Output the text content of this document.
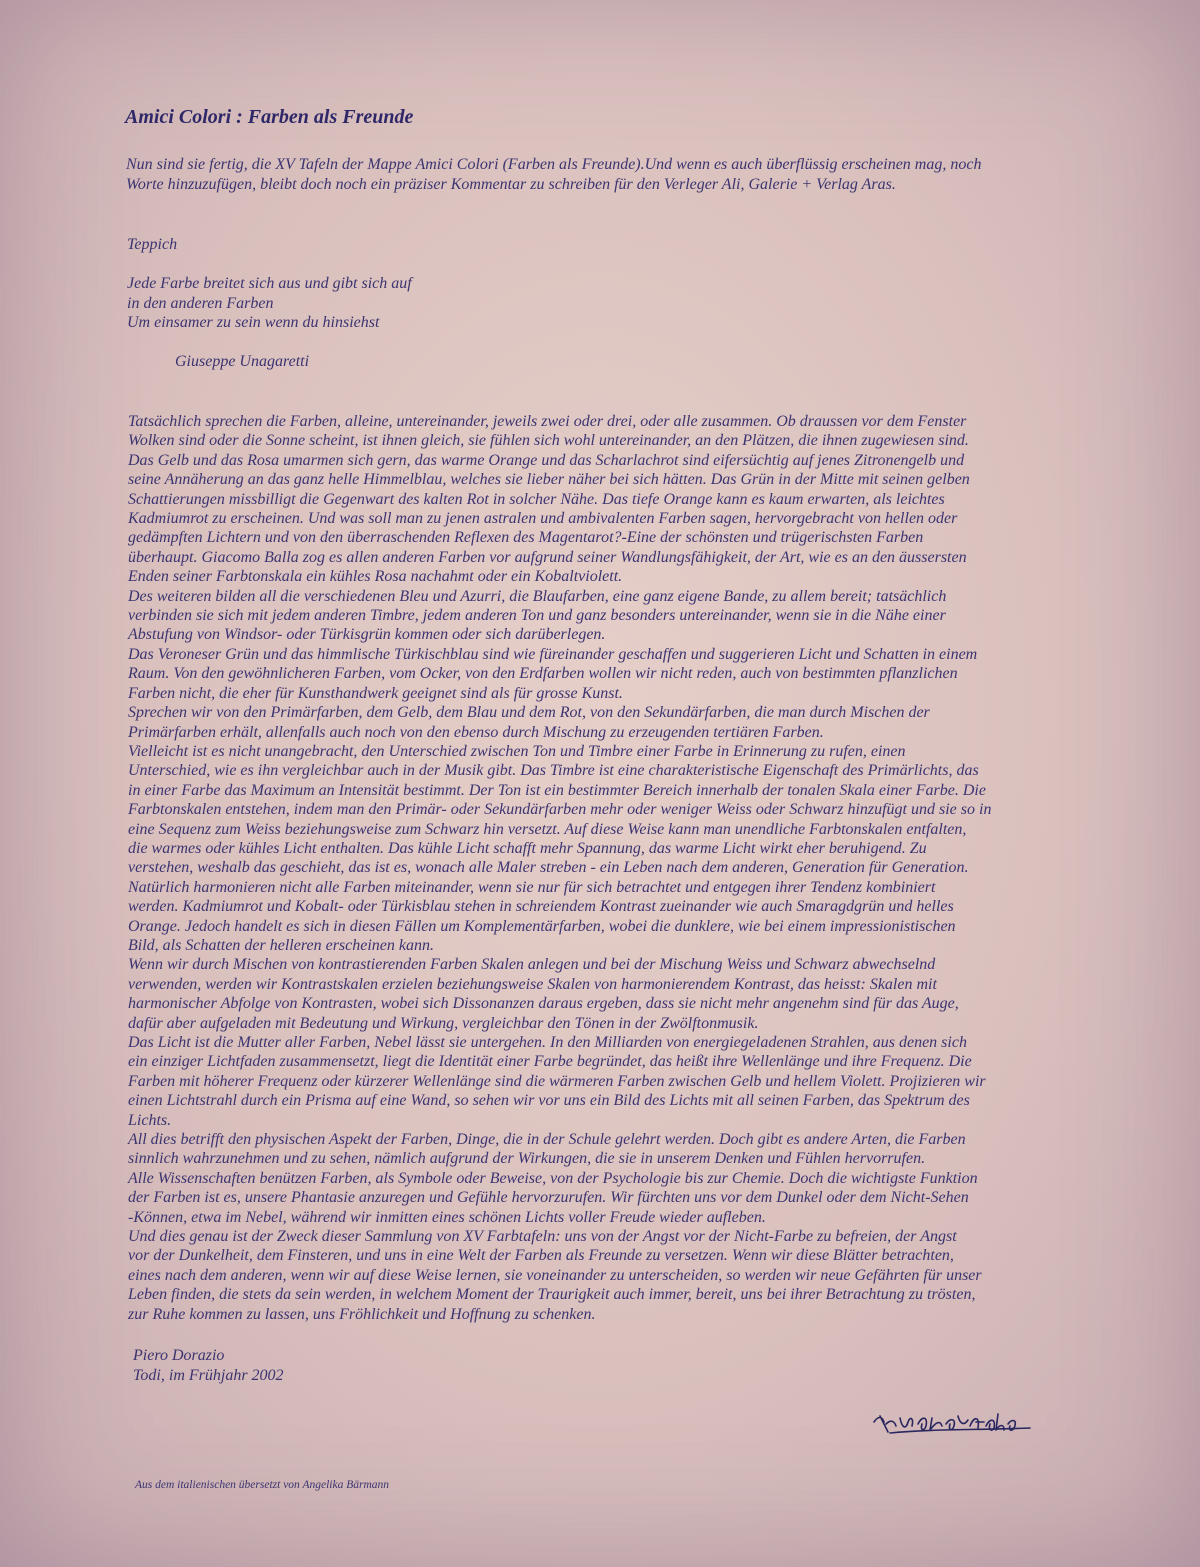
Amici Colori : Farben als Freunde

Nun sind sie fertig, die XV Tafeln der Mappe Amici Colori (Farben als Freunde).Und wenn es auch überflüssig erscheinen mag, noch

Worte hinzuzufügen, bleibt doch noch ein präziser Kommentar zu schreiben für den Verleger Ali, Galerie + Verlag Aras.

Teppich

Jede Farbe breitet sich aus und gibt sich auf

in den anderen Farben

Um einsamer zu sein wenn du hinsiehst

Giuseppe Unagaretti

Tatsächlich sprechen die Farben, alleine, untereinander, jeweils zwei oder drei, oder alle zusammen. Ob draussen vor dem Fenster

Wolken sind oder die Sonne scheint, ist ihnen gleich, sie fühlen sich wohl untereinander, an den Plätzen, die ihnen zugewiesen sind.

Das Gelb und das Rosa umarmen sich gern, das warme Orange und das Scharlachrot sind eifersüchtig auf jenes Zitronengelb und

seine Annäherung an das ganz helle Himmelblau, welches sie lieber näher bei sich hätten. Das Grün in der Mitte mit seinen gelben

Schattierungen missbilligt die Gegenwart des kalten Rot in solcher Nähe. Das tiefe Orange kann es kaum erwarten, als leichtes

Kadmiumrot zu erscheinen. Und was soll man zu jenen astralen und ambivalenten Farben sagen, hervorgebracht von hellen oder

gedämpften Lichtern und von den überraschenden Reflexen des Magentarot?-Eine der schönsten und trügerischsten Farben

überhaupt. Giacomo Balla zog es allen anderen Farben vor aufgrund seiner Wandlungsfähigkeit, der Art, wie es an den äussersten

Enden seiner Farbtonskala ein kühles Rosa nachahmt oder ein Kobaltviolett.

Des weiteren bilden all die verschiedenen Bleu und Azurri, die Blaufarben, eine ganz eigene Bande, zu allem bereit; tatsächlich

verbinden sie sich mit jedem anderen Timbre, jedem anderen Ton und ganz besonders untereinander, wenn sie in die Nähe einer

Abstufung von Windsor- oder Türkisgrün kommen oder sich darüberlegen.

Das Veroneser Grün und das himmlische Türkischblau sind wie füreinander geschaffen und suggerieren Licht und Schatten in einem

Raum. Von den gewöhnlicheren Farben, vom Ocker, von den Erdfarben wollen wir nicht reden, auch von bestimmten pflanzlichen

Farben nicht, die eher für Kunsthandwerk geeignet sind als für grosse Kunst.

Sprechen wir von den Primärfarben, dem Gelb, dem Blau und dem Rot, von den Sekundärfarben, die man durch Mischen der

Primärfarben erhält, allenfalls auch noch von den ebenso durch Mischung zu erzeugenden tertiären Farben.

Vielleicht ist es nicht unangebracht, den Unterschied zwischen Ton und Timbre einer Farbe in Erinnerung zu rufen, einen

Unterschied, wie es ihn vergleichbar auch in der Musik gibt. Das Timbre ist eine charakteristische Eigenschaft des Primärlichts, das

in einer Farbe das Maximum an Intensität bestimmt. Der Ton ist ein bestimmter Bereich innerhalb der tonalen Skala einer Farbe. Die

Farbtonskalen entstehen, indem man den Primär- oder Sekundärfarben mehr oder weniger Weiss oder Schwarz hinzufügt und sie so in

eine Sequenz zum Weiss beziehungsweise zum Schwarz hin versetzt. Auf diese Weise kann man unendliche Farbtonskalen entfalten,

die warmes oder kühles Licht enthalten. Das kühle Licht schafft mehr Spannung, das warme Licht wirkt eher beruhigend. Zu

verstehen, weshalb das geschieht, das ist es, wonach alle Maler streben - ein Leben nach dem anderen, Generation für Generation.

Natürlich harmonieren nicht alle Farben miteinander, wenn sie nur für sich betrachtet und entgegen ihrer Tendenz kombiniert

werden. Kadmiumrot und Kobalt- oder Türkisblau stehen in schreiendem Kontrast zueinander wie auch Smaragdgrün und helles

Orange. Jedoch handelt es sich in diesen Fällen um Komplementärfarben, wobei die dunklere, wie bei einem impressionistischen

Bild, als Schatten der helleren erscheinen kann.

Wenn wir durch Mischen von kontrastierenden Farben Skalen anlegen und bei der Mischung Weiss und Schwarz abwechselnd

verwenden, werden wir Kontrastskalen erzielen beziehungsweise Skalen von harmonierendem Kontrast, das heisst: Skalen mit

harmonischer Abfolge von Kontrasten, wobei sich Dissonanzen daraus ergeben, dass sie nicht mehr angenehm sind für das Auge,

dafür aber aufgeladen mit Bedeutung und Wirkung, vergleichbar den Tönen in der Zwölftonmusik.

Das Licht ist die Mutter aller Farben, Nebel lässt sie untergehen. In den Milliarden von energiegeladenen Strahlen, aus denen sich

ein einziger Lichtfaden zusammensetzt, liegt die Identität einer Farbe begründet, das heißt ihre Wellenlänge und ihre Frequenz. Die

Farben mit höherer Frequenz oder kürzerer Wellenlänge sind die wärmeren Farben zwischen Gelb und hellem Violett. Projizieren wir

einen Lichtstrahl durch ein Prisma auf eine Wand, so sehen wir vor uns ein Bild des Lichts mit all seinen Farben, das Spektrum des

Lichts.

All dies betrifft den physischen Aspekt der Farben, Dinge, die in der Schule gelehrt werden. Doch gibt es andere Arten, die Farben

sinnlich wahrzunehmen und zu sehen, nämlich aufgrund der Wirkungen, die sie in unserem Denken und Fühlen hervorrufen.

Alle Wissenschaften benützen Farben, als Symbole oder Beweise, von der Psychologie bis zur Chemie. Doch die wichtigste Funktion

der Farben ist es, unsere Phantasie anzuregen und Gefühle hervorzurufen. Wir fürchten uns vor dem Dunkel oder dem Nicht-Sehen

-Können, etwa im Nebel, während wir inmitten eines schönen Lichts voller Freude wieder aufleben.

Und dies genau ist der Zweck dieser Sammlung von XV Farbtafeln: uns von der Angst vor der Nicht-Farbe zu befreien, der Angst

vor der Dunkelheit, dem Finsteren, und uns in eine Welt der Farben als Freunde zu versetzen. Wenn wir diese Blätter betrachten,

eines nach dem anderen, wenn wir auf diese Weise lernen, sie voneinander zu unterscheiden, so werden wir neue Gefährten für unser

Leben finden, die stets da sein werden, in welchem Moment der Traurigkeit auch immer, bereit, uns bei ihrer Betrachtung zu trösten,

zur Ruhe kommen zu lassen, uns Fröhlichkeit und Hoffnung zu schenken.

Piero Dorazio

Todi, im Frühjahr 2002

Aus dem italienischen übersetzt von Angelika Bärmann
